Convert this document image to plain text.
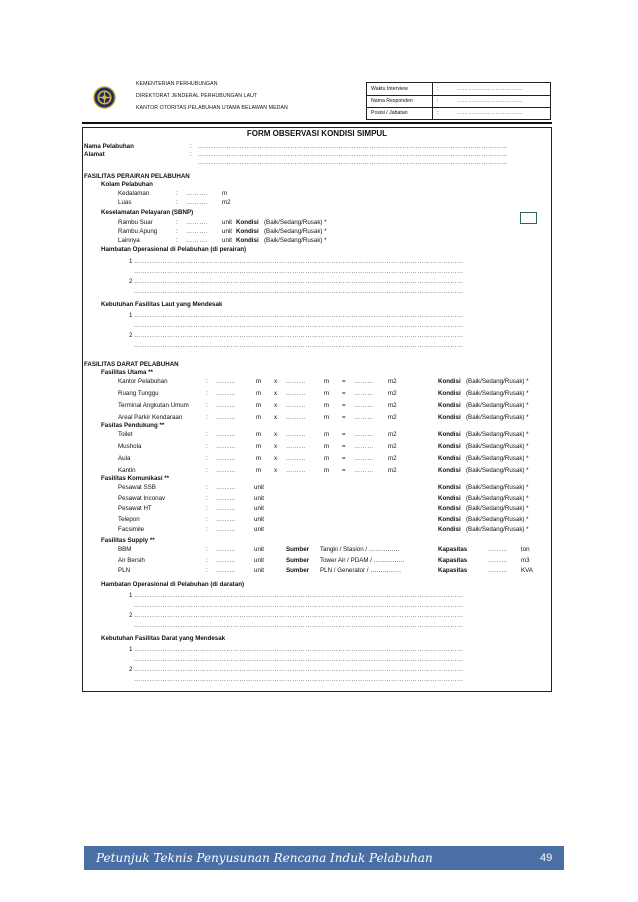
KEMENTERIAN PERHUBUNGAN
DIREKTORAT JENDERAL PERHUBUNGAN LAUT
KANTOR OTORITAS PELABUHAN UTAMA BELAWAN MEDAN
Waktu Interview	:	………………………………
Nama Responden	:	………………………………
Posisi / Jabatan	:	………………………………
FORM OBSERVASI KONDISI SIMPUL
Nama Pelabuhan	: ……………………………………………………………………………………………………………………………
Alamat	: ……………………………………………………………………………………………………………………………
……………………………………………………………………………………………………………………………
FASILITAS PERAIRAN PELABUHAN
Kolam Pelabuhan
Kedalaman	: ……….	m
Luas	: ……….	m2
Keselamatan Pelayaran (SBNP)
Rambu Suar	: ……….	unit Kondisi (Baik/Sedang/Rusak) *
Rambu Apung	: ……….	unit Kondisi (Baik/Sedang/Rusak) *
Lainnya	: ……….	unit Kondisi (Baik/Sedang/Rusak) *
Hambatan Operasional di Pelabuhan (di perairan)
1 ……………………………………………………………………………………………………………………………………
……………………………………………………………………………………………………………………………………
2 ……………………………………………………………………………………………………………………………………
……………………………………………………………………………………………………………………………………
Kebutuhan Fasilitas Laut yang Mendesak
1 ……………………………………………………………………………………………………………………………………
……………………………………………………………………………………………………………………………………
2 ……………………………………………………………………………………………………………………………………
……………………………………………………………………………………………………………………………………
FASILITAS DARAT PELABUHAN
Fasilitas Utama **
Kantor Pelabuhan	: ………	m x ………	m = ………	m2	Kondisi (Baik/Sedang/Rusak) *
Ruang Tunggu	: ………	m x ………	m = ………	m2	Kondisi (Baik/Sedang/Rusak) *
Terminal Angkutan Umum	: ………	m x ………	m = ………	m2	Kondisi (Baik/Sedang/Rusak) *
Areal Parkir Kendaraan	: ………	m x ………	m = ………	m2	Kondisi (Baik/Sedang/Rusak) *
Fasitas Pendukung **
Toilet	: ………	m x ………	m = ………	m2	Kondisi (Baik/Sedang/Rusak) *
Mushola	: ………	m x ………	m = ………	m2	Kondisi (Baik/Sedang/Rusak) *
Aula	: ………	m x ………	m = ………	m2	Kondisi (Baik/Sedang/Rusak) *
Kantin	: ………	m x ………	m = ………	m2	Kondisi (Baik/Sedang/Rusak) *
Fasilitas Komunikasi **
Pesawat SSB	: ………	unit	Kondisi (Baik/Sedang/Rusak) *
Pesawat Inconav	: ………	unit	Kondisi (Baik/Sedang/Rusak) *
Pesawat HT	: ………	unit	Kondisi (Baik/Sedang/Rusak) *
Telepon	: ………	unit	Kondisi (Baik/Sedang/Rusak) *
Facsimile	: ………	unit	Kondisi (Baik/Sedang/Rusak) *
Fasilitas Supply **
BBM	: ………	unit	Sumber Tangki / Stasion / ……………	Kapasitas	………	ton
Air Bersih	: ………	unit	Sumber Tower Air / PDAM / ……………	Kapasitas	………	m3
PLN	: ………	unit	Sumber PLN / Generator / ……………	Kapasitas	………	KVA
Hambatan Operasional di Pelabuhan (di daratan)
1 ……………………………………………………………………………………………………………………………………
……………………………………………………………………………………………………………………………………
2 ……………………………………………………………………………………………………………………………………
……………………………………………………………………………………………………………………………………
Kebutuhan Fasilitas Darat yang Mendesak
1 ……………………………………………………………………………………………………………………………………
……………………………………………………………………………………………………………………………………
2 ……………………………………………………………………………………………………………………………………
……………………………………………………………………………………………………………………………………
Petunjuk Teknis Penyusunan Rencana Induk Pelabuhan	49
